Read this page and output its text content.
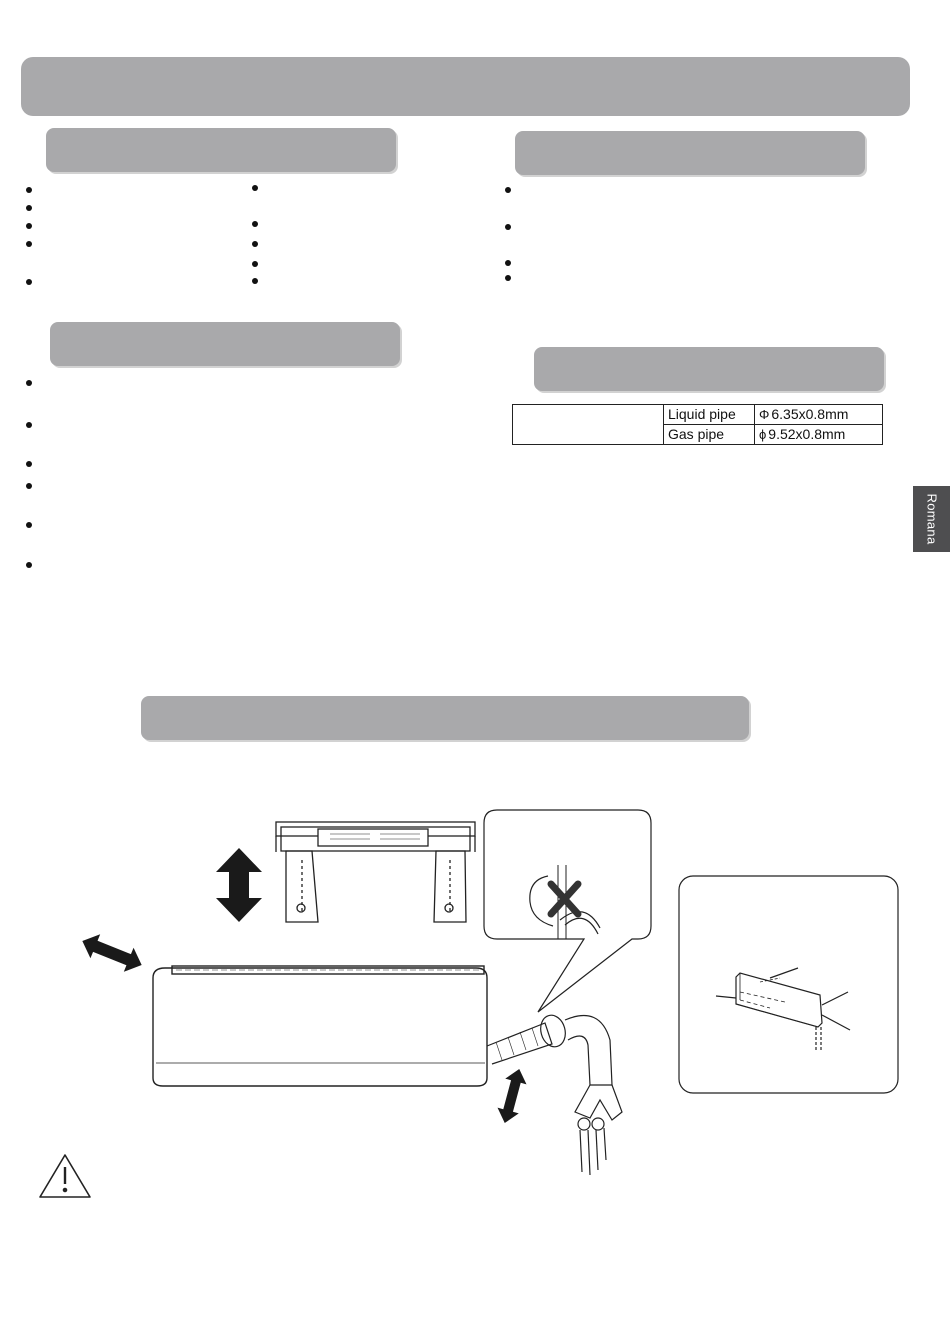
	Liquid pipe	Φ 6.35x0.8mm
	Gas pipe	ϕ 9.52x0.8mm
Romana
